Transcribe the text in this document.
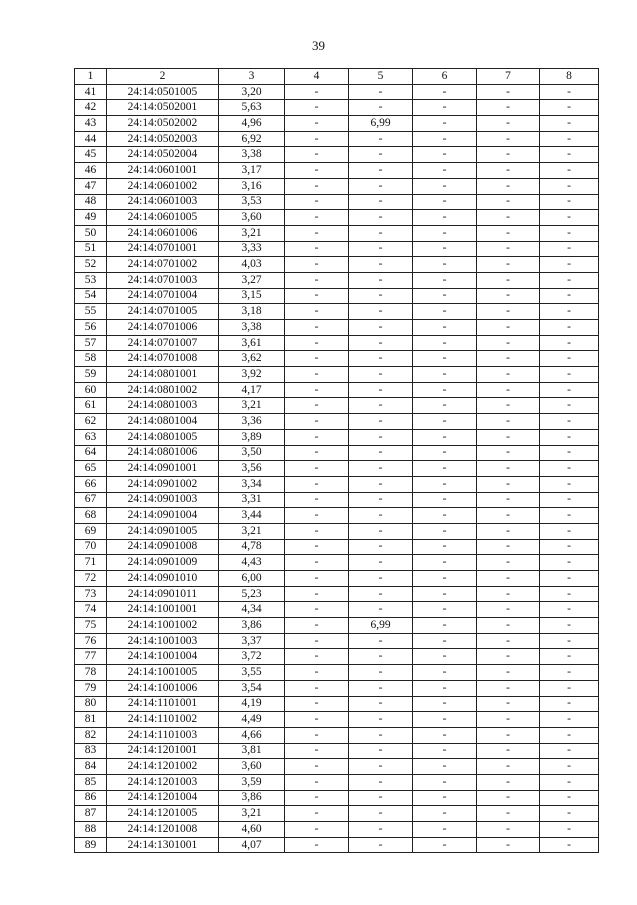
39
1	2	3	4	5	6	7	8
41	24:14:0501005	3,20	-	-	-	-	-
42	24:14:0502001	5,63	-	-	-	-	-
43	24:14:0502002	4,96	-	6,99	-	-	-
44	24:14:0502003	6,92	-	-	-	-	-
45	24:14:0502004	3,38	-	-	-	-	-
46	24:14:0601001	3,17	-	-	-	-	-
47	24:14:0601002	3,16	-	-	-	-	-
48	24:14:0601003	3,53	-	-	-	-	-
49	24:14:0601005	3,60	-	-	-	-	-
50	24:14:0601006	3,21	-	-	-	-	-
51	24:14:0701001	3,33	-	-	-	-	-
52	24:14:0701002	4,03	-	-	-	-	-
53	24:14:0701003	3,27	-	-	-	-	-
54	24:14:0701004	3,15	-	-	-	-	-
55	24:14:0701005	3,18	-	-	-	-	-
56	24:14:0701006	3,38	-	-	-	-	-
57	24:14:0701007	3,61	-	-	-	-	-
58	24:14:0701008	3,62	-	-	-	-	-
59	24:14:0801001	3,92	-	-	-	-	-
60	24:14:0801002	4,17	-	-	-	-	-
61	24:14:0801003	3,21	-	-	-	-	-
62	24:14:0801004	3,36	-	-	-	-	-
63	24:14:0801005	3,89	-	-	-	-	-
64	24:14:0801006	3,50	-	-	-	-	-
65	24:14:0901001	3,56	-	-	-	-	-
66	24:14:0901002	3,34	-	-	-	-	-
67	24:14:0901003	3,31	-	-	-	-	-
68	24:14:0901004	3,44	-	-	-	-	-
69	24:14:0901005	3,21	-	-	-	-	-
70	24:14:0901008	4,78	-	-	-	-	-
71	24:14:0901009	4,43	-	-	-	-	-
72	24:14:0901010	6,00	-	-	-	-	-
73	24:14:0901011	5,23	-	-	-	-	-
74	24:14:1001001	4,34	-	-	-	-	-
75	24:14:1001002	3,86	-	6,99	-	-	-
76	24:14:1001003	3,37	-	-	-	-	-
77	24:14:1001004	3,72	-	-	-	-	-
78	24:14:1001005	3,55	-	-	-	-	-
79	24:14:1001006	3,54	-	-	-	-	-
80	24:14:1101001	4,19	-	-	-	-	-
81	24:14:1101002	4,49	-	-	-	-	-
82	24:14:1101003	4,66	-	-	-	-	-
83	24:14:1201001	3,81	-	-	-	-	-
84	24:14:1201002	3,60	-	-	-	-	-
85	24:14:1201003	3,59	-	-	-	-	-
86	24:14:1201004	3,86	-	-	-	-	-
87	24:14:1201005	3,21	-	-	-	-	-
88	24:14:1201008	4,60	-	-	-	-	-
89	24:14:1301001	4,07	-	-	-	-	-
